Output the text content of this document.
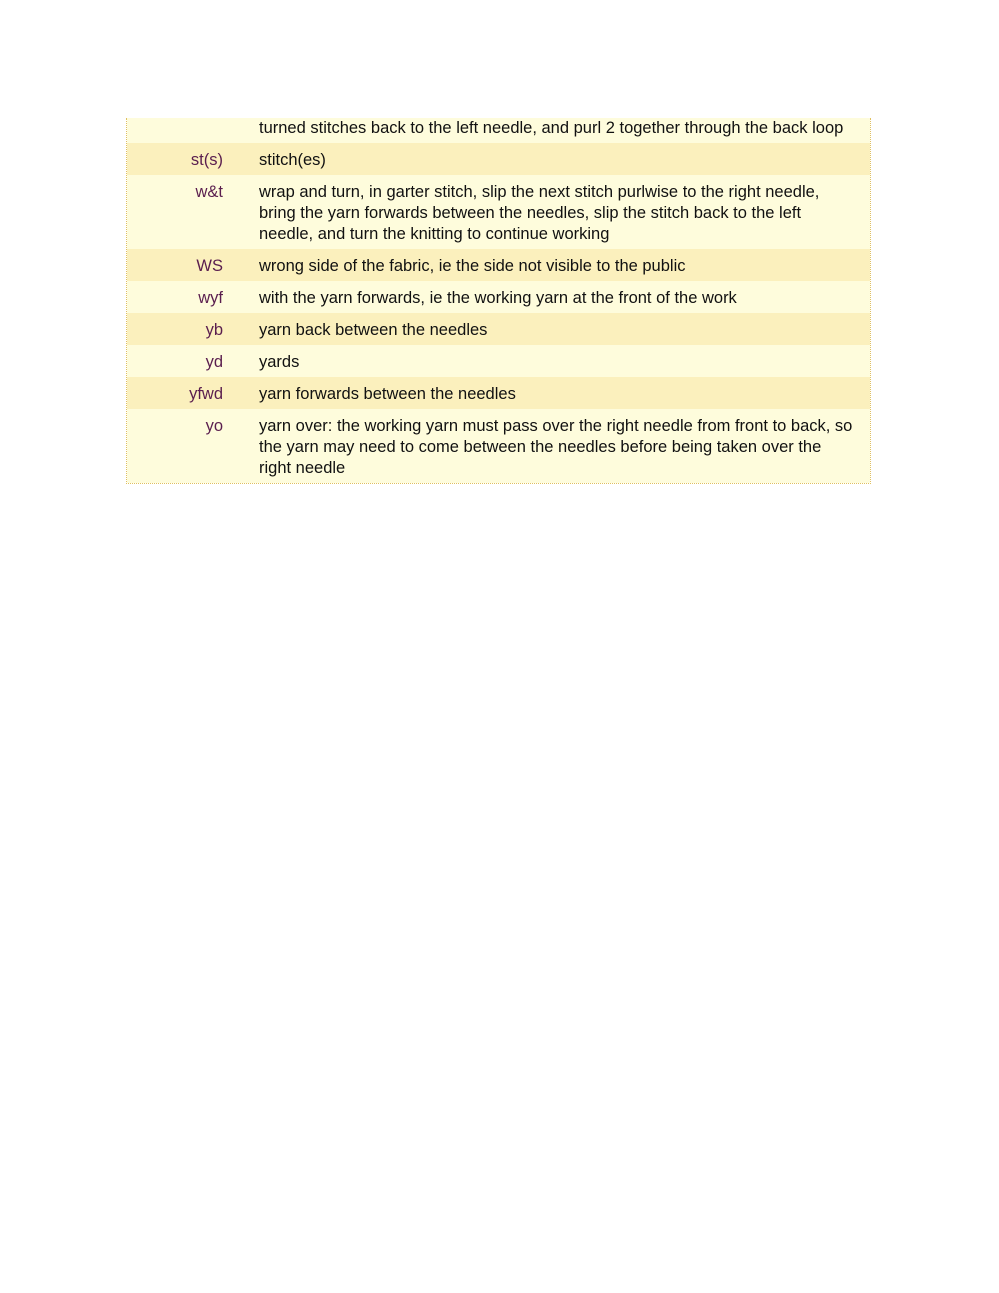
turned stitches back to the left needle, and purl 2 together through the back loop
st(s) stitch(es)
w&t wrap and turn, in garter stitch, slip the next stitch purlwise to the right needle, bring the yarn forwards between the needles, slip the stitch back to the left needle, and turn the knitting to continue working
WS wrong side of the fabric, ie the side not visible to the public
wyf with the yarn forwards, ie the working yarn at the front of the work
yb yarn back between the needles
yd yards
yfwd yarn forwards between the needles
yo yarn over: the working yarn must pass over the right needle from front to back, so the yarn may need to come between the needles before being taken over the right needle
